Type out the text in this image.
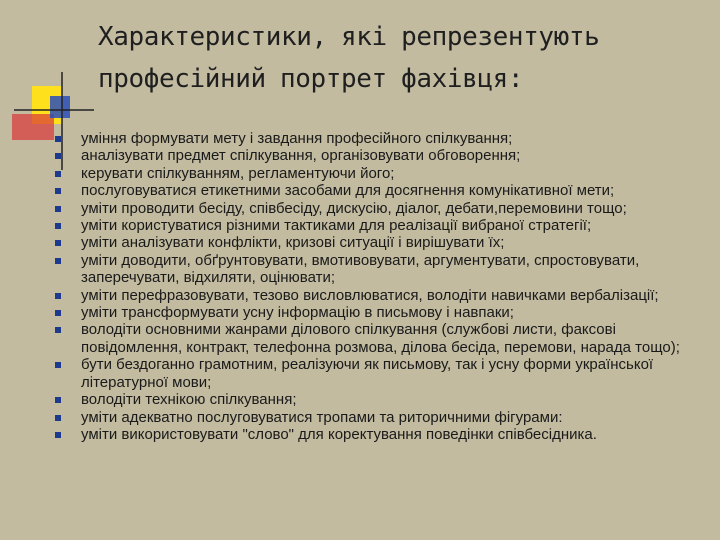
Характеристики, які репрезентують
професійний портрет фахівця:
уміння формувати мету і завдання професійного спілкування;
аналізувати предмет спілкування, організовувати обговорення;
керувати спілкуванням, регламентуючи його;
послуговуватися етикетними засобами для досягнення комунікативної мети;
уміти проводити бесіду, співбесіду, дискусію, діалог, дебати,перемовини тощо;
уміти користуватися різними тактиками для реалізації вибраної стратегії;
уміти аналізувати конфлікти, кризові ситуації і вирішувати їх;
уміти доводити, обґрунтовувати, вмотивовувати, аргументувати, спростовувати,
заперечувати, відхиляти, оцінювати;
уміти перефразовувати, тезово висловлюватися, володіти навичками вербалізації;
уміти трансформувати усну інформацію в письмову і навпаки;
володіти основними жанрами ділового спілкування (службові листи, факсові
повідомлення, контракт, телефонна розмова, ділова бесіда, перемови, нарада тощо);
бути бездоганно грамотним, реалізуючи як письмову, так і усну форми української
літературної мови;
володіти технікою спілкування;
уміти адекватно послуговуватися тропами та риторичними фігурами:
уміти використовувати "слово" для коректування поведінки співбесідника.
